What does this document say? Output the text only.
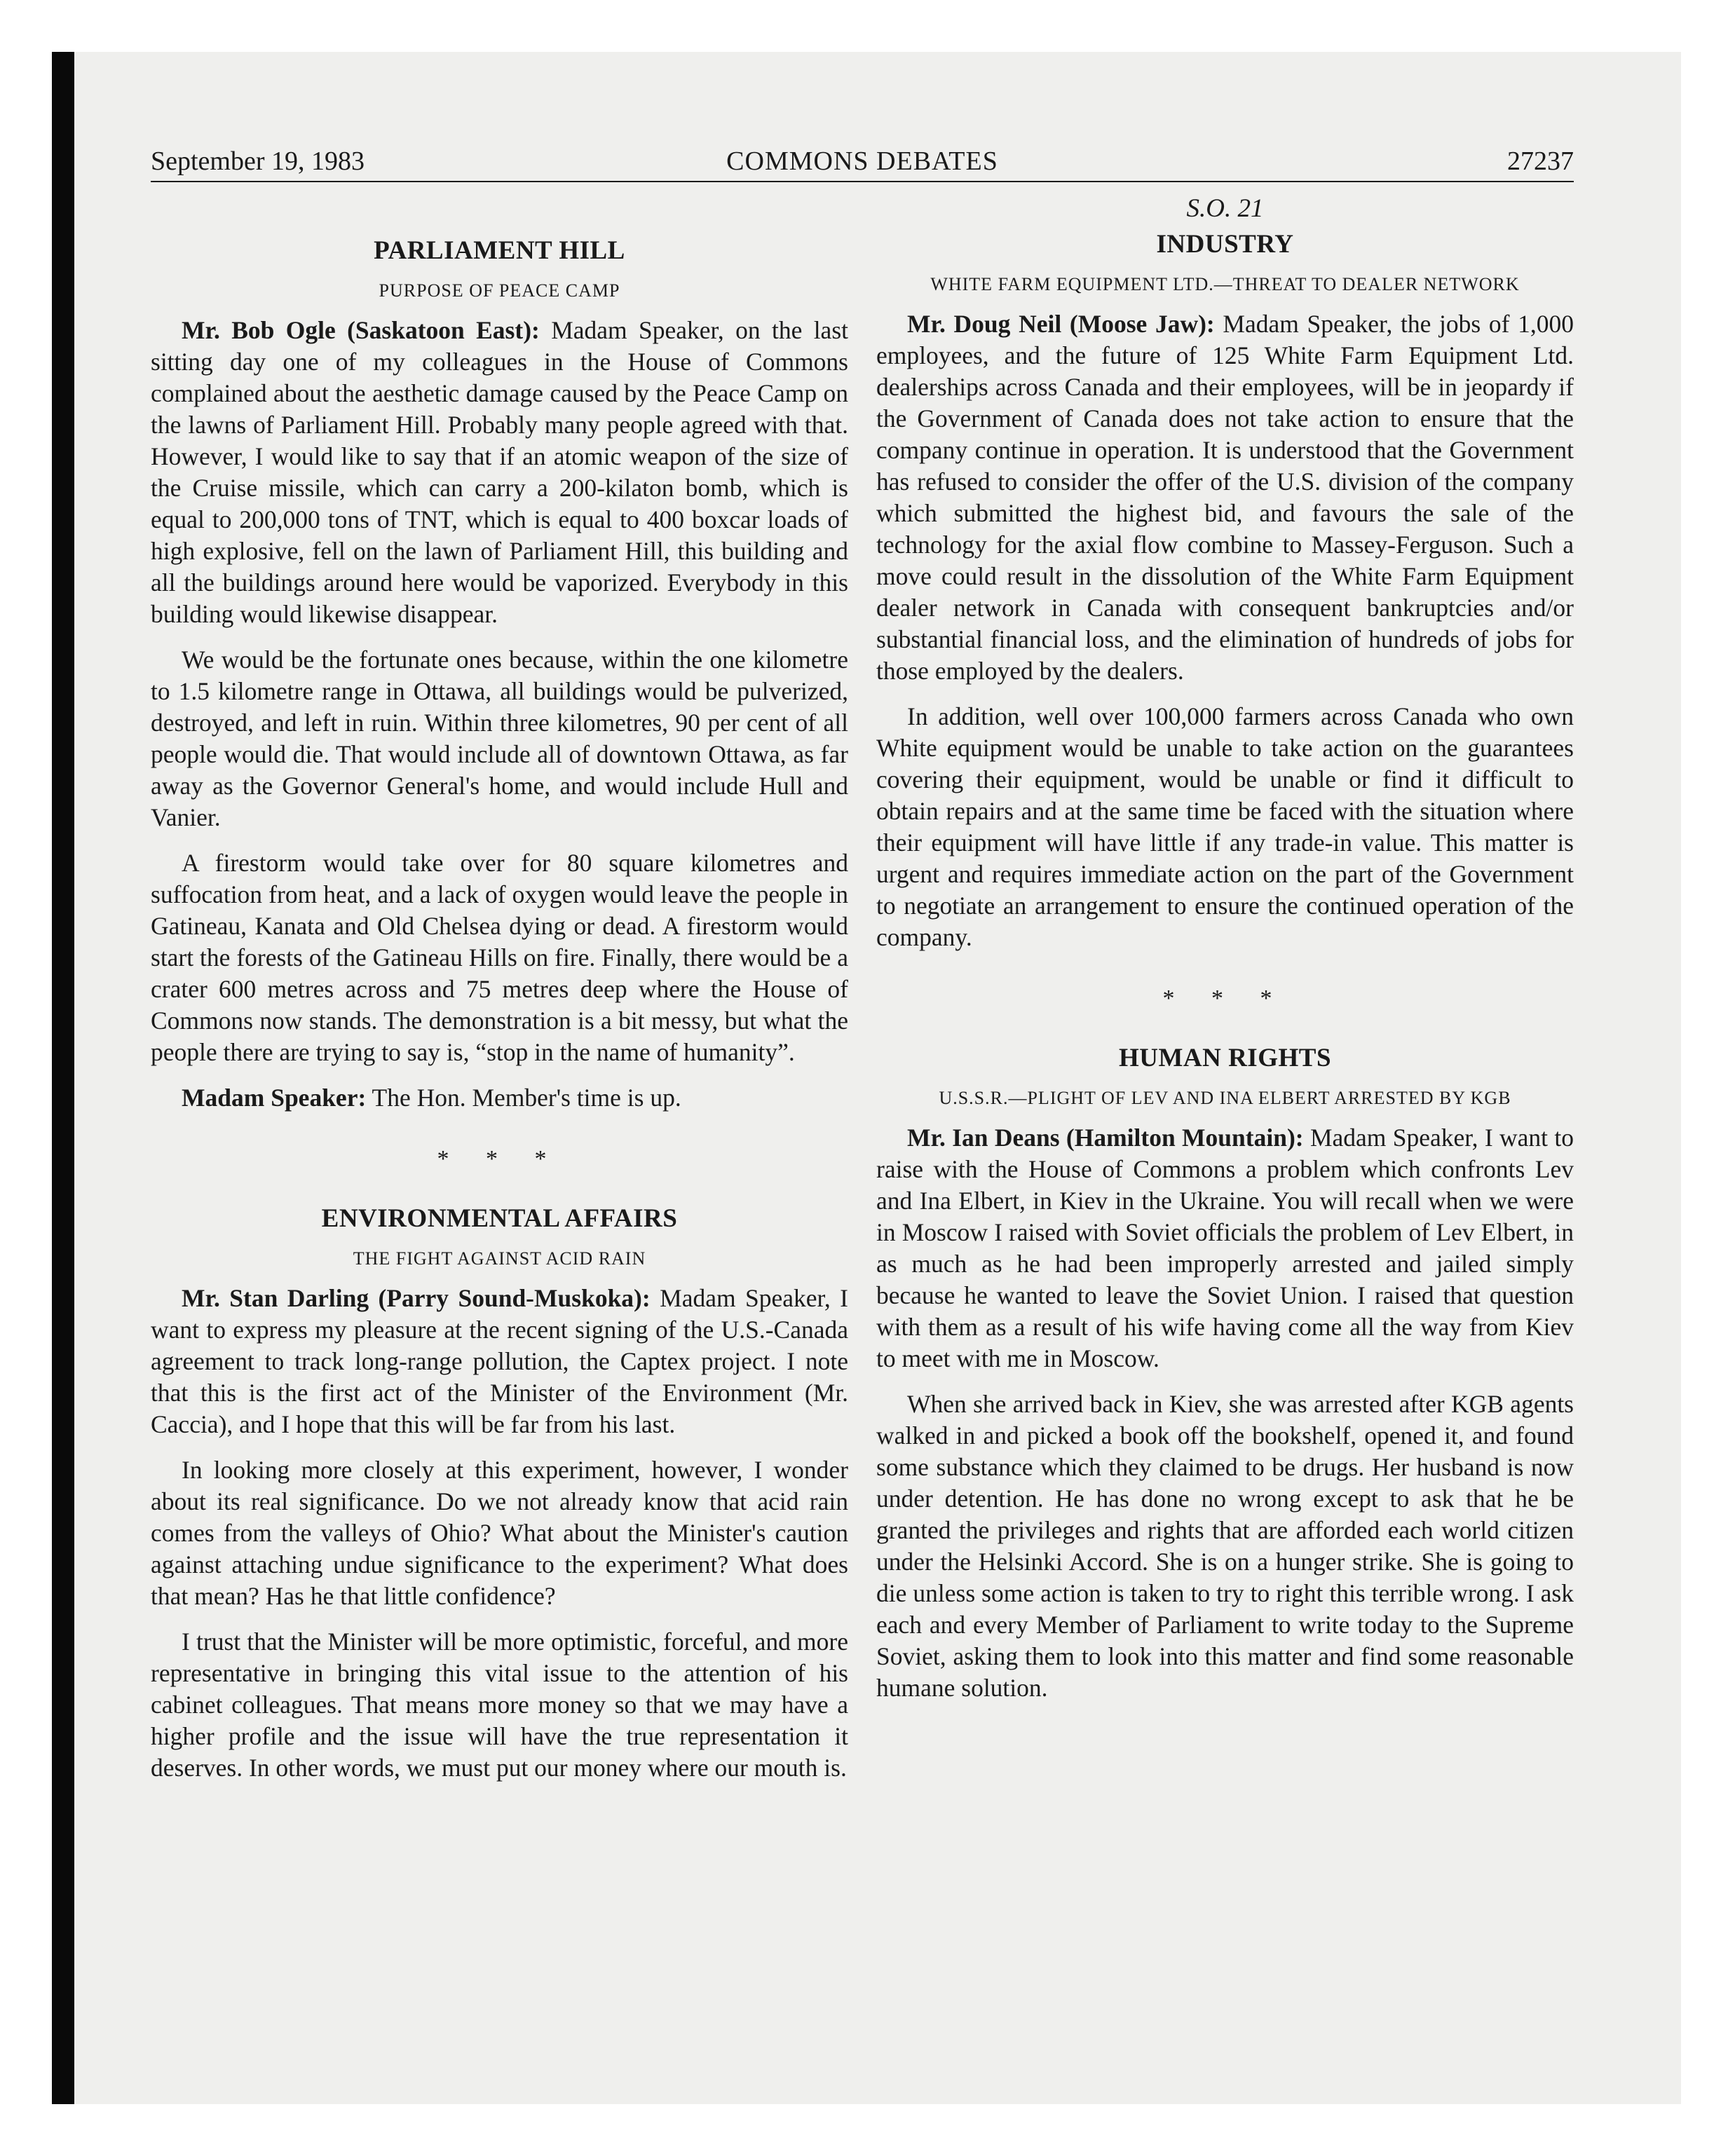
September 19, 1983	COMMONS DEBATES	27237
PARLIAMENT HILL
PURPOSE OF PEACE CAMP

Mr. Bob Ogle (Saskatoon East): Madam Speaker, on the last sitting day one of my colleagues in the House of Commons complained about the aesthetic damage caused by the Peace Camp on the lawns of Parliament Hill. Probably many people agreed with that. However, I would like to say that if an atomic weapon of the size of the Cruise missile, which can carry a 200-kilaton bomb, which is equal to 200,000 tons of TNT, which is equal to 400 boxcar loads of high explosive, fell on the lawn of Parliament Hill, this building and all the buildings around here would be vaporized. Everybody in this building would likewise disappear.

We would be the fortunate ones because, within the one kilometre to 1.5 kilometre range in Ottawa, all buildings would be pulverized, destroyed, and left in ruin. Within three kilometres, 90 per cent of all people would die. That would include all of downtown Ottawa, as far away as the Governor General's home, and would include Hull and Vanier.

A firestorm would take over for 80 square kilometres and suffocation from heat, and a lack of oxygen would leave the people in Gatineau, Kanata and Old Chelsea dying or dead. A firestorm would start the forests of the Gatineau Hills on fire. Finally, there would be a crater 600 metres across and 75 metres deep where the House of Commons now stands. The demonstration is a bit messy, but what the people there are trying to say is, “stop in the name of humanity”.

Madam Speaker: The Hon. Member's time is up.

* * *
ENVIRONMENTAL AFFAIRS
THE FIGHT AGAINST ACID RAIN

Mr. Stan Darling (Parry Sound-Muskoka): Madam Speaker, I want to express my pleasure at the recent signing of the U.S.-Canada agreement to track long-range pollution, the Captex project. I note that this is the first act of the Minister of the Environment (Mr. Caccia), and I hope that this will be far from his last.

In looking more closely at this experiment, however, I wonder about its real significance. Do we not already know that acid rain comes from the valleys of Ohio? What about the Minister's caution against attaching undue significance to the experiment? What does that mean? Has he that little confidence?

I trust that the Minister will be more optimistic, forceful, and more representative in bringing this vital issue to the attention of his cabinet colleagues. That means more money so that we may have a higher profile and the issue will have the true representation it deserves. In other words, we must put our money where our mouth is.

S.O. 21
INDUSTRY
WHITE FARM EQUIPMENT LTD.—THREAT TO DEALER NETWORK

Mr. Doug Neil (Moose Jaw): Madam Speaker, the jobs of 1,000 employees, and the future of 125 White Farm Equipment Ltd. dealerships across Canada and their employees, will be in jeopardy if the Government of Canada does not take action to ensure that the company continue in operation. It is understood that the Government has refused to consider the offer of the U.S. division of the company which submitted the highest bid, and favours the sale of the technology for the axial flow combine to Massey-Ferguson. Such a move could result in the dissolution of the White Farm Equipment dealer network in Canada with consequent bankruptcies and/or substantial financial loss, and the elimination of hundreds of jobs for those employed by the dealers.

In addition, well over 100,000 farmers across Canada who own White equipment would be unable to take action on the guarantees covering their equipment, would be unable or find it difficult to obtain repairs and at the same time be faced with the situation where their equipment will have little if any trade-in value. This matter is urgent and requires immediate action on the part of the Government to negotiate an arrangement to ensure the continued operation of the company.

* * *
HUMAN RIGHTS
U.S.S.R.—PLIGHT OF LEV AND INA ELBERT ARRESTED BY KGB

Mr. Ian Deans (Hamilton Mountain): Madam Speaker, I want to raise with the House of Commons a problem which confronts Lev and Ina Elbert, in Kiev in the Ukraine. You will recall when we were in Moscow I raised with Soviet officials the problem of Lev Elbert, in as much as he had been improperly arrested and jailed simply because he wanted to leave the Soviet Union. I raised that question with them as a result of his wife having come all the way from Kiev to meet with me in Moscow.

When she arrived back in Kiev, she was arrested after KGB agents walked in and picked a book off the bookshelf, opened it, and found some substance which they claimed to be drugs. Her husband is now under detention. He has done no wrong except to ask that he be granted the privileges and rights that are afforded each world citizen under the Helsinki Accord. She is on a hunger strike. She is going to die unless some action is taken to try to right this terrible wrong. I ask each and every Member of Parliament to write today to the Supreme Soviet, asking them to look into this matter and find some reasonable humane solution.
